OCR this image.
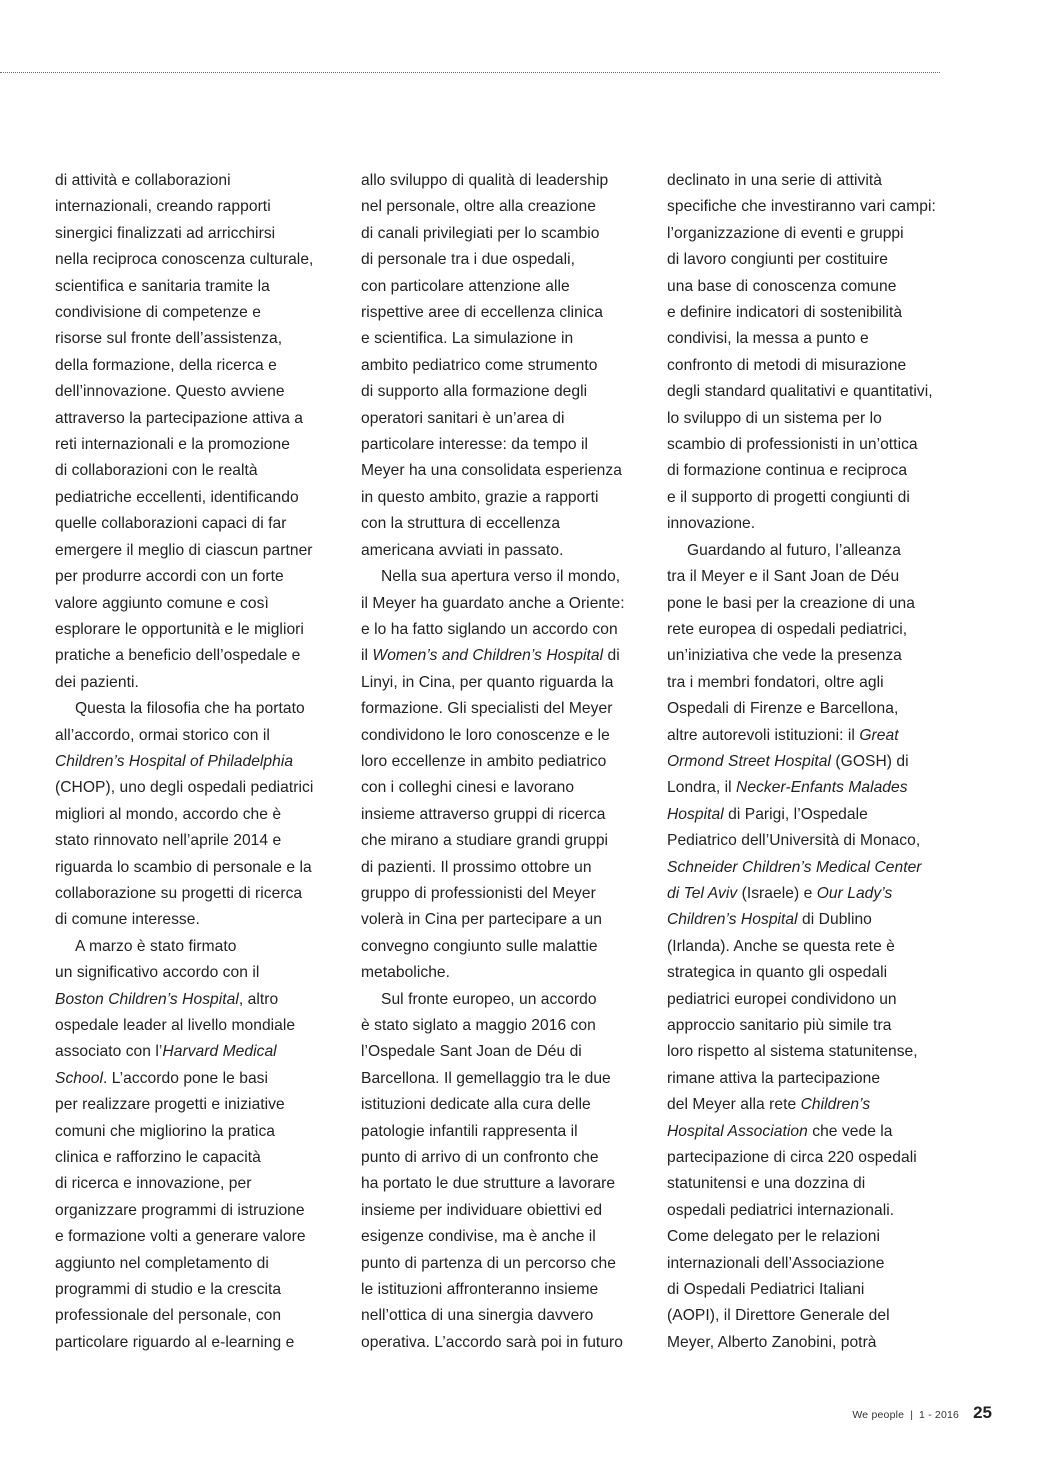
di attività e collaborazioni
internazionali, creando rapporti
sinergici finalizzati ad arricchirsi
nella reciproca conoscenza culturale,
scientifica e sanitaria tramite la
condivisione di competenze e
risorse sul fronte dell’assistenza,
della formazione, della ricerca e
dell’innovazione. Questo avviene
attraverso la partecipazione attiva a
reti internazionali e la promozione
di collaborazioni con le realtà
pediatriche eccellenti, identificando
quelle collaborazioni capaci di far
emergere il meglio di ciascun partner
per produrre accordi con un forte
valore aggiunto comune e così
esplorare le opportunità e le migliori
pratiche a beneficio dell’ospedale e
dei pazienti.
Questa la filosofia che ha portato
all’accordo, ormai storico con il
Children’s Hospital of Philadelphia
(CHOP), uno degli ospedali pediatrici
migliori al mondo, accordo che è
stato rinnovato nell’aprile 2014 e
riguarda lo scambio di personale e la
collaborazione su progetti di ricerca
di comune interesse.
A marzo è stato firmato
un significativo accordo con il
Boston Children’s Hospital, altro
ospedale leader al livello mondiale
associato con l’Harvard Medical
School. L’accordo pone le basi
per realizzare progetti e iniziative
comuni che migliorino la pratica
clinica e rafforzino le capacità
di ricerca e innovazione, per
organizzare programmi di istruzione
e formazione volti a generare valore
aggiunto nel completamento di
programmi di studio e la crescita
professionale del personale, con
particolare riguardo al e-learning e
allo sviluppo di qualità di leadership
nel personale, oltre alla creazione
di canali privilegiati per lo scambio
di personale tra i due ospedali,
con particolare attenzione alle
rispettive aree di eccellenza clinica
e scientifica. La simulazione in
ambito pediatrico come strumento
di supporto alla formazione degli
operatori sanitari è un’area di
particolare interesse: da tempo il
Meyer ha una consolidata esperienza
in questo ambito, grazie a rapporti
con la struttura di eccellenza
americana avviati in passato.
Nella sua apertura verso il mondo,
il Meyer ha guardato anche a Oriente:
e lo ha fatto siglando un accordo con
il Women’s and Children’s Hospital di
Linyi, in Cina, per quanto riguarda la
formazione. Gli specialisti del Meyer
condividono le loro conoscenze e le
loro eccellenze in ambito pediatrico
con i colleghi cinesi e lavorano
insieme attraverso gruppi di ricerca
che mirano a studiare grandi gruppi
di pazienti. Il prossimo ottobre un
gruppo di professionisti del Meyer
volerà in Cina per partecipare a un
convegno congiunto sulle malattie
metaboliche.
Sul fronte europeo, un accordo
è stato siglato a maggio 2016 con
l’Ospedale Sant Joan de Déu di
Barcellona. Il gemellaggio tra le due
istituzioni dedicate alla cura delle
patologie infantili rappresenta il
punto di arrivo di un confronto che
ha portato le due strutture a lavorare
insieme per individuare obiettivi ed
esigenze condivise, ma è anche il
punto di partenza di un percorso che
le istituzioni affronteranno insieme
nell’ottica di una sinergia davvero
operativa. L’accordo sarà poi in futuro
declinato in una serie di attività
specifiche che investiranno vari campi:
l’organizzazione di eventi e gruppi
di lavoro congiunti per costituire
una base di conoscenza comune
e definire indicatori di sostenibilità
condivisi, la messa a punto e
confronto di metodi di misurazione
degli standard qualitativi e quantitativi,
lo sviluppo di un sistema per lo
scambio di professionisti in un’ottica
di formazione continua e reciproca
e il supporto di progetti congiunti di
innovazione.
Guardando al futuro, l’alleanza
tra il Meyer e il Sant Joan de Déu
pone le basi per la creazione di una
rete europea di ospedali pediatrici,
un’iniziativa che vede la presenza
tra i membri fondatori, oltre agli
Ospedali di Firenze e Barcellona,
altre autorevoli istituzioni: il Great
Ormond Street Hospital (GOSH) di
Londra, il Necker-Enfants Malades
Hospital di Parigi, l’Ospedale
Pediatrico dell’Università di Monaco,
Schneider Children’s Medical Center
di Tel Aviv (Israele) e Our Lady’s
Children’s Hospital di Dublino
(Irlanda). Anche se questa rete è
strategica in quanto gli ospedali
pediatrici europei condividono un
approccio sanitario più simile tra
loro rispetto al sistema statunitense,
rimane attiva la partecipazione
del Meyer alla rete Children’s
Hospital Association che vede la
partecipazione di circa 220 ospedali
statunitensi e una dozzina di
ospedali pediatrici internazionali.
Come delegato per le relazioni
internazionali dell’Associazione
di Ospedali Pediatrici Italiani
(AOPI), il Direttore Generale del
Meyer, Alberto Zanobini, potrà
We people | 1 - 2016 25
